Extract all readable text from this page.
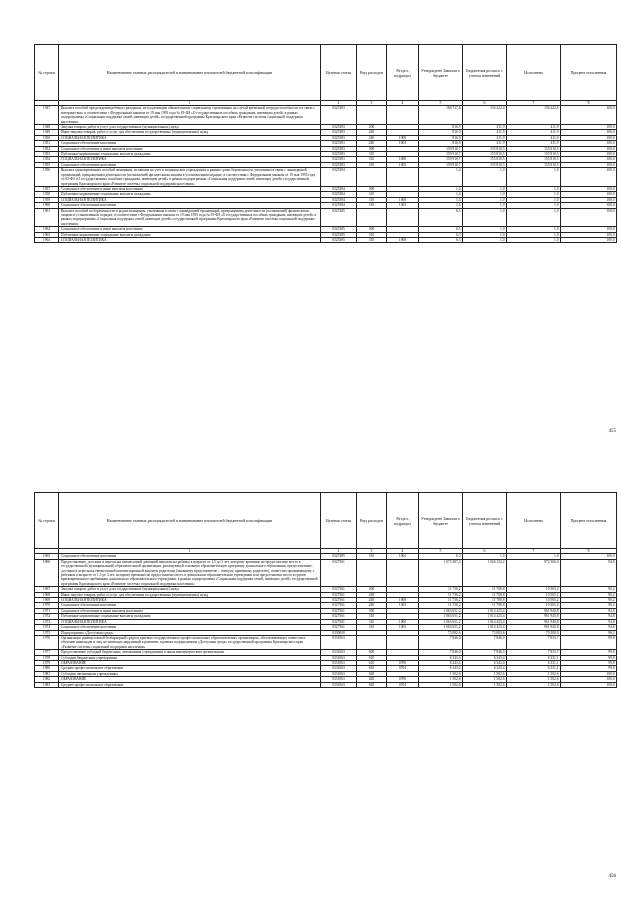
№ строки	Наименование главных распорядителей и наименование показателей бюджетной классификации	Целевая статья	Вид расходов	Раздел, подраздел	Утверждено Законом о бюджете	Бюджетная роспись с учетом изменений	Исполнено	Процент исполнения
	1	2	3	4	5	6	7	8
1947	Выплата пособий при рождении ребенка гражданам, не подлежащим обязательному социальному страхованию на случай временной нетрудоспособности и в связи с материнством, в соответствии с Федеральным законом от 19 мая 1995 года № 81-ФЗ «О государственных пособиях гражданам, имеющим детей» в рамках подпрограммы «Социальная поддержка семей, имеющих детей» государственной программы Красноярского края «Развитие системы социальной поддержки населения»	0325383			160 727,6	156 222,4	156 222,4	100,0
1948	Закупка товаров, работ и услуг для государственных (муниципальных) нужд	0325383	200		816,9	411,9	411,9	100,0
1949	Иные закупки товаров, работ и услуг для обеспечения государственных (муниципальных) нужд	0325383	240		816,9	411,9	411,9	100,0
1950	СОЦИАЛЬНАЯ ПОЛИТИКА	0325383	240	1000	816,9	411,9	411,9	100,0
1951	Социальное обеспечение населения	0325383	240	1003	816,9	411,9	411,9	100,0
1952	Социальное обеспечение и иные выплаты населению	0325383	300		159 910,7	155 810,5	155 810,5	100,0
1953	Публичные нормативные социальные выплаты гражданам	0325383	310		159 910,7	155 810,5	155 810,5	100,0
1954	СОЦИАЛЬНАЯ ПОЛИТИКА	0325383	310	1000	159 910,7	155 810,5	155 810,5	100,0
1955	Социальное обеспечение населения	0325383	310	1003	159 910,7	155 810,5	155 810,5	100,0
1956	Выплата единовременных пособий женщинам, вставшим на учет в медицинских учреждениях в ранние сроки беременности, уволенным в связи с ликвидацией организаций, прекращением деятельности (полномочий) физическими лицами в установленном порядке, в соответствии с Федеральным законом от 19 мая 1995 года № 81-ФЗ «О государственных пособиях гражданам, имеющим детей» в рамках подпрограммы «Социальная поддержка семей, имеющих детей» государственной программы Красноярского края «Развитие системы социальной поддержки населения»	0325384			1,4	1,0	1,0	100,0
1957	Социальное обеспечение и иные выплаты населению	0325384	300		1,4	1,0	1,0	100,0
1958	Публичные нормативные социальные выплаты гражданам	0325384	310		1,4	1,0	1,0	100,0
1959	СОЦИАЛЬНАЯ ПОЛИТИКА	0325384	310	1000	1,4	1,0	1,0	100,0
1960	Социальное обеспечение населения	0325384	310	1003	1,4	1,0	1,0	100,0
1961	Выплата пособий по беременности и родам женщинам, уволенным в связи с ликвидацией организаций, прекращением деятельности (полномочий) физическими лицами в установленном порядке, в соответствии с Федеральным законом от 19 мая 1995 года № 81-ФЗ «О государственных пособиях гражданам, имеющим детей» в рамках подпрограммы «Социальная поддержка семей, имеющих детей» государственной программы Красноярского края «Развитие системы социальной поддержки населения»	0325385			6,3	1,0	1,0	100,0
1962	Социальное обеспечение и иные выплаты населению	0325385	300		6,3	1,0	1,0	100,0
1963	Публичные нормативные социальные выплаты гражданам	0325385	310		6,3	1,0	1,0	100,0
1964	СОЦИАЛЬНАЯ ПОЛИТИКА	0325385	310	1000	6,3	1,0	1,0	100,0
455
№ строки	Наименование главных распорядителей и наименование показателей бюджетной классификации	Целевая статья	Вид расходов	Раздел, подраздел	Утверждено Законом о бюджете	Бюджетная роспись с учетом изменений	Исполнено	Процент исполнения
	1	2	3	4	5	6	7	8
1965	Социальное обеспечение населения	0325385	310	1003	6,3	1,0	1,0	100,0
1966	Предоставление, доставка и пересылка ежемесячной денежной выплаты на ребенка в возрасте от 1,5 до 3 лет, которому временно не предоставлено место в государственной (муниципальной) образовательной организации, реализующей основную образовательную программу дошкольного образования, предоставление, доставка и пересылка ежемесячной компенсационной выплаты родителям (законному представителю – опекуну, приемному родителю), совместно проживающему с ребенком в возрасте от 1,5 до 3 лет, которому временно не предоставлено место в дошкольном образовательном учреждении или предоставлено место в группе кратковременного пребывания дошкольного образовательного учреждения, в рамках подпрограммы «Социальная поддержка семей, имеющих детей» государственной программы Красноярского края «Развитие системы социальной поддержки населения»	0327561			1 075 387,4	1 026 132,2	972 506,0	94,8
1967	Закупка товаров, работ и услуг для государственных (муниципальных) нужд	0327561	200		11 736,2	11 708,8	10 565,2	90,2
1968	Иные закупки товаров, работ и услуг для обеспечения государственных (муниципальных) нужд	0327561	240		11 736,2	11 708,8	10 565,2	90,2
1969	СОЦИАЛЬНАЯ ПОЛИТИКА	0327561	240	1000	11 736,2	11 708,8	10 565,2	90,2
1970	Социальное обеспечение населения	0327561	240	1003	11 736,2	11 708,8	10 565,2	90,2
1971	Социальное обеспечение и иные выплаты населению	0327561	300		1 063 651,2	1 014 423,4	961 940,8	94,8
1972	Публичные нормативные социальные выплаты гражданам	0327561	310		1 063 651,2	1 014 423,4	961 940,8	94,8
1973	СОЦИАЛЬНАЯ ПОЛИТИКА	0327561	310	1000	1 063 651,2	1 014 423,4	961 940,8	94,8
1974	Социальное обеспечение населения	0327561	310	1003	1 063 651,2	1 014 423,4	961 940,8	94,8
1975	Подпрограмма «Доступная среда»	0330000			73 082,6	73 082,6	70 300,0	96,2
1976	Организация универсальной безбарьерной среды в краевых государственных профессиональных образовательных организациях, обеспечивающих совместное обучение инвалидов и лиц, не имеющих нарушений в развитии, в рамках подпрограммы «Доступная среда» государственной программы Красноярского края «Развитие системы социальной поддержки населения»	0331063			7 846,0	7 846,0	7 833,7	99,8
1977	Предоставление субсидий бюджетным, автономным учреждениям и иным некоммерческим организациям	0331063	600		7 846,0	7 846,0	7 833,7	99,8
1978	Субсидии бюджетным учреждениям	0331063	610		6 343,4	6 343,4	6 331,1	99,8
1979	ОБРАЗОВАНИЕ	0331063	610	0700	6 343,4	6 343,4	6 331,1	99,8
1980	Среднее профессиональное образование	0331063	610	0704	6 343,4	6 343,4	6 331,1	99,8
1981	Субсидии автономным учреждениям	0331063	620		1 502,6	1 502,6	1 502,6	100,0
1982	ОБРАЗОВАНИЕ	0331063	620	0700	1 502,6	1 502,6	1 502,6	100,0
1983	Среднее профессиональное образование	0331063	620	0704	1 502,6	1 502,6	1 502,6	100,0
456
